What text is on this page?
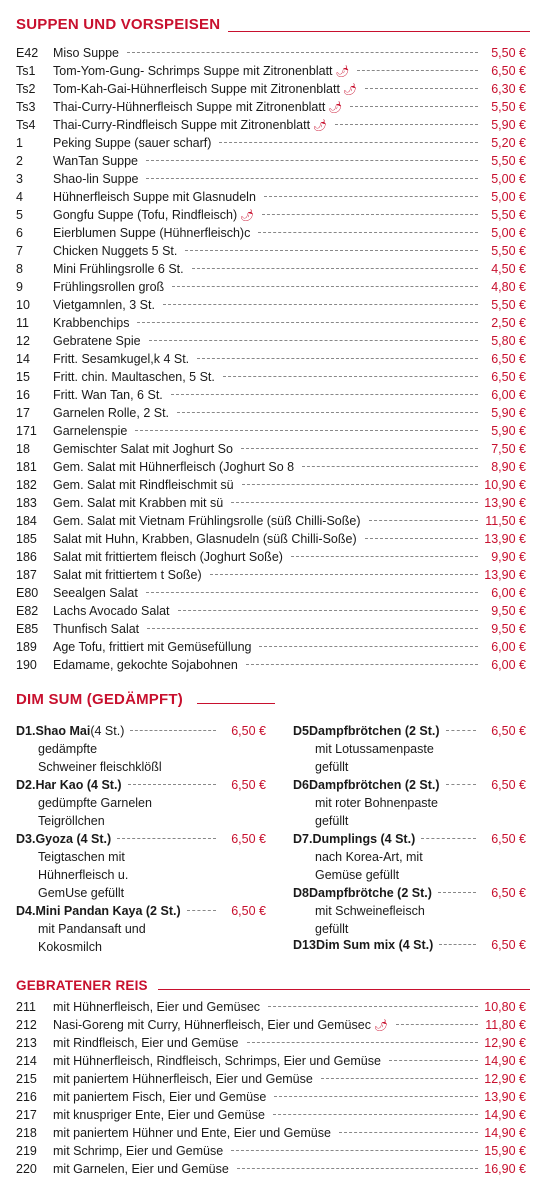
SUPPEN UND VORSPEISEN
E42	Miso Suppe	5,50 €
Ts1	Tom-Yom-Gung- Schrimps Suppe mit Zitronenblatt 🌶︎	6,50 €
Ts2	Tom-Kah-Gai-Hühnerfleisch Suppe mit Zitronenblatt 🌶︎	6,30 €
Ts3	Thai-Curry-Hühnerfleisch Suppe mit Zitronenblatt 🌶︎	5,50 €
Ts4	Thai-Curry-Rindfleisch Suppe mit Zitronenblatt 🌶︎	5,90 €
1	Peking Suppe (sauer scharf)	5,20 €
2	WanTan Suppe	5,50 €
3	Shao-lin Suppe	5,00 €
4	Hühnerfleisch Suppe mit Glasnudeln	5,00 €
5	Gongfu Suppe (Tofu, Rindfleisch) 🌶︎	5,50 €
6	Eierblumen Suppe (Hühnerfleisch)c	5,00 €
7	Chicken Nuggets 5 St.	5,50 €
8	Mini Frühlingsrolle 6 St.	4,50 €
9	Frühlingsrollen groß	4,80 €
10	Vietgamnlen, 3 St.	5,50 €
11	Krabbenchips	2,50 €
12	Gebratene Spie	5,80 €
14	Fritt. Sesamkugel,k 4 St.	6,50 €
15	Fritt. chin. Maultaschen, 5 St.	6,50 €
16	Fritt. Wan Tan, 6 St.	6,00 €
17	Garnelen Rolle, 2 St.	5,90 €
171	Garnelenspie	5,90 €
18	Gemischter Salat mit Joghurt So	7,50 €
181	Gem. Salat mit Hühnerfleisch (Joghurt So 8	8,90 €
182	Gem. Salat mit Rindfleischmit sü	10,90 €
183	Gem. Salat mit Krabben mit sü	13,90 €
184	Gem. Salat mit Vietnam Frühlingsrolle (süß Chilli-Soße)	11,50 €
185	Salat mit Huhn, Krabben, Glasnudeln (süß Chilli-Soße)	13,90 €
186	Salat mit frittiertem fleisch (Joghurt Soße)	9,90 €
187	Salat mit frittiertem t Soße)	13,90 €
E80	Seealgen Salat	6,00 €
E82	Lachs Avocado Salat	9,50 €
E85	Thunfisch Salat	9,50 €
189	Age Tofu, frittiert mit Gemüsefüllung	6,00 €
190	Edamame, gekochte Sojabohnen	6,00 €
DIM SUM (GEDÄMPFT)
D1. Shao Mai (4 St.)	6,50 €
gedämpfte
Schweiner fleischklößl
D2. Har Kao (4 St.)	6,50 €
gedümpfte Garnelen
Teigröllchen
D3. Gyoza (4 St.)	6,50 €
Teigtaschen mit
Hühnerfleisch u.
GemUse gefüllt
D4. Mini Pandan Kaya (2 St.)	6,50 €
mit Pandansaft und
Kokosmilch
D5 Dampfbrötchen (2 St.)	6,50 €
mit Lotussamenpaste
gefüllt
D6 Dampfbrötchen (2 St.)	6,50 €
mit roter Bohnenpaste
gefüllt
D7. Dumplings (4 St.)	6,50 €
nach Korea-Art, mit
Gemüse gefüllt
D8 Dampfbrötche (2 St.)	6,50 €
mit Schweinefleisch
gefüllt
D13 Dim Sum mix (4 St.)	6,50 €
GEBRATENER REIS
211	mit Hühnerfleisch, Eier und Gemüsec	10,80 €
212	Nasi-Goreng mit Curry, Hühnerfleisch, Eier und Gemüsec 🌶︎	11,80 €
213	mit Rindfleisch, Eier und Gemüse	12,90 €
214	mit Hühnerfleisch, Rindfleisch, Schrimps, Eier und Gemüse	14,90 €
215	mit paniertem Hühnerfleisch, Eier und Gemüse	12,90 €
216	mit paniertem Fisch, Eier und Gemüse	13,90 €
217	mit knuspriger Ente, Eier und Gemüse	14,90 €
218	mit paniertem Hühner und Ente, Eier und Gemüse	14,90 €
219	mit Schrimp, Eier und Gemüse	15,90 €
220	mit Garnelen, Eier und Gemüse	16,90 €
